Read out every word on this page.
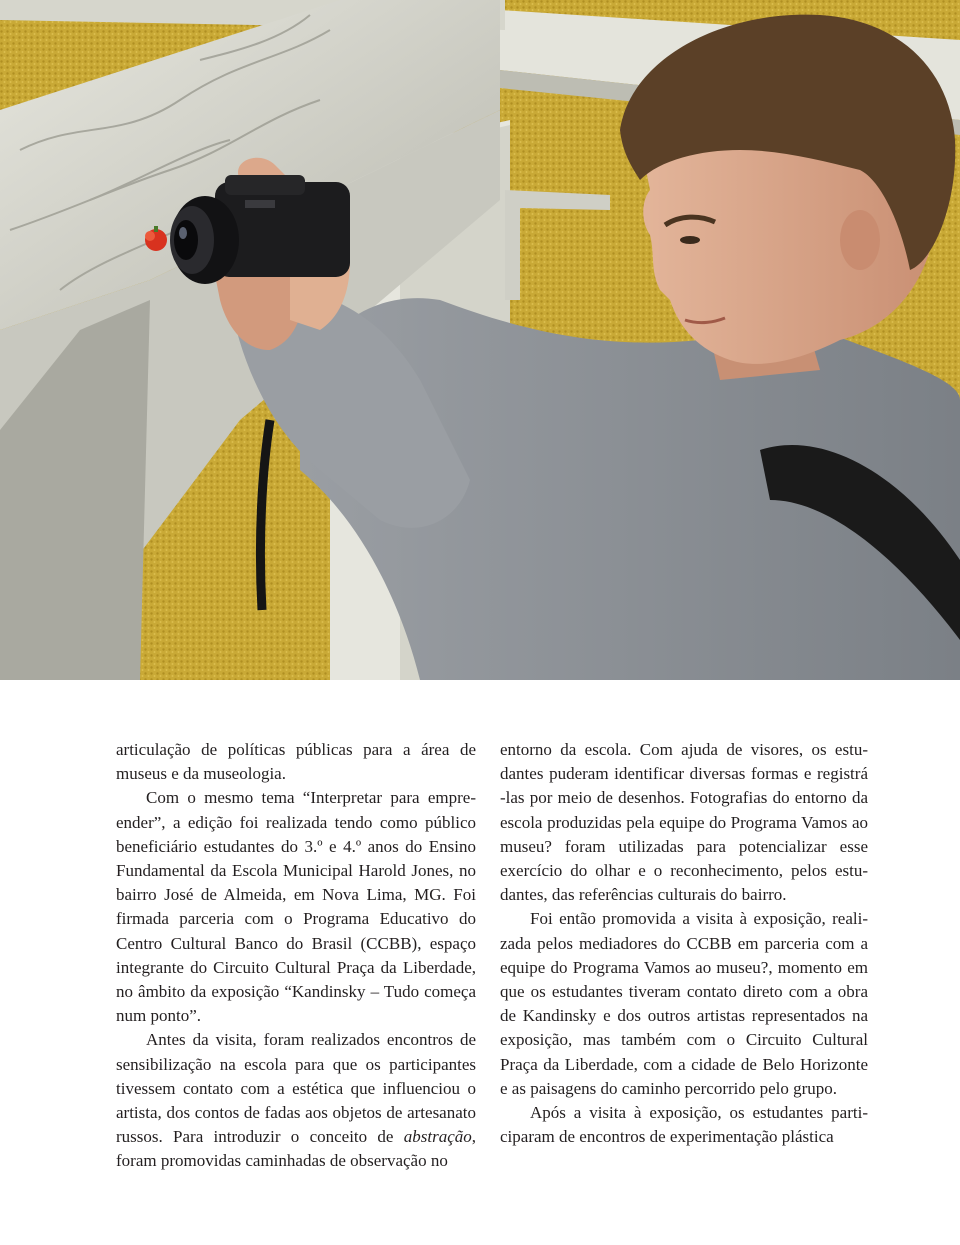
articulação de políticas públicas para a área de museus e da museologia.

Com o mesmo tema “Interpretar para empreender”, a edição foi realizada tendo como público beneficiário estudantes do 3.º e 4.º anos do Ensino Fundamental da Escola Municipal Harold Jones, no bairro José de Almeida, em Nova Lima, MG. Foi firmada parceria com o Programa Educativo do Centro Cultural Banco do Brasil (CCBB), espaço integrante do Circuito Cultural Praça da Liberdade, no âmbito da exposição “Kandinsky – Tudo começa num ponto”.

Antes da visita, foram realizados encontros de sensibilização na escola para que os participantes tivessem contato com a estética que influenciou o artista, dos contos de fadas aos objetos de artesanato russos. Para introduzir o conceito de abstração, foram promovidas caminhadas de observação no

entorno da escola. Com ajuda de visores, os estudantes puderam identificar diversas formas e registrá -las por meio de desenhos. Fotografias do entorno da escola produzidas pela equipe do Programa Vamos ao museu? foram utilizadas para potencializar esse exercício do olhar e o reconhecimento, pelos estudantes, das referências culturais do bairro.

Foi então promovida a visita à exposição, realizada pelos mediadores do CCBB em parceria com a equipe do Programa Vamos ao museu?, momento em que os estudantes tiveram contato direto com a obra de Kandinsky e dos outros artistas representados na exposição, mas também com o Circuito Cultural Praça da Liberdade, com a cidade de Belo Horizonte e as paisagens do caminho percorrido pelo grupo.

Após a visita à exposição, os estudantes participaram de encontros de experimentação plástica
